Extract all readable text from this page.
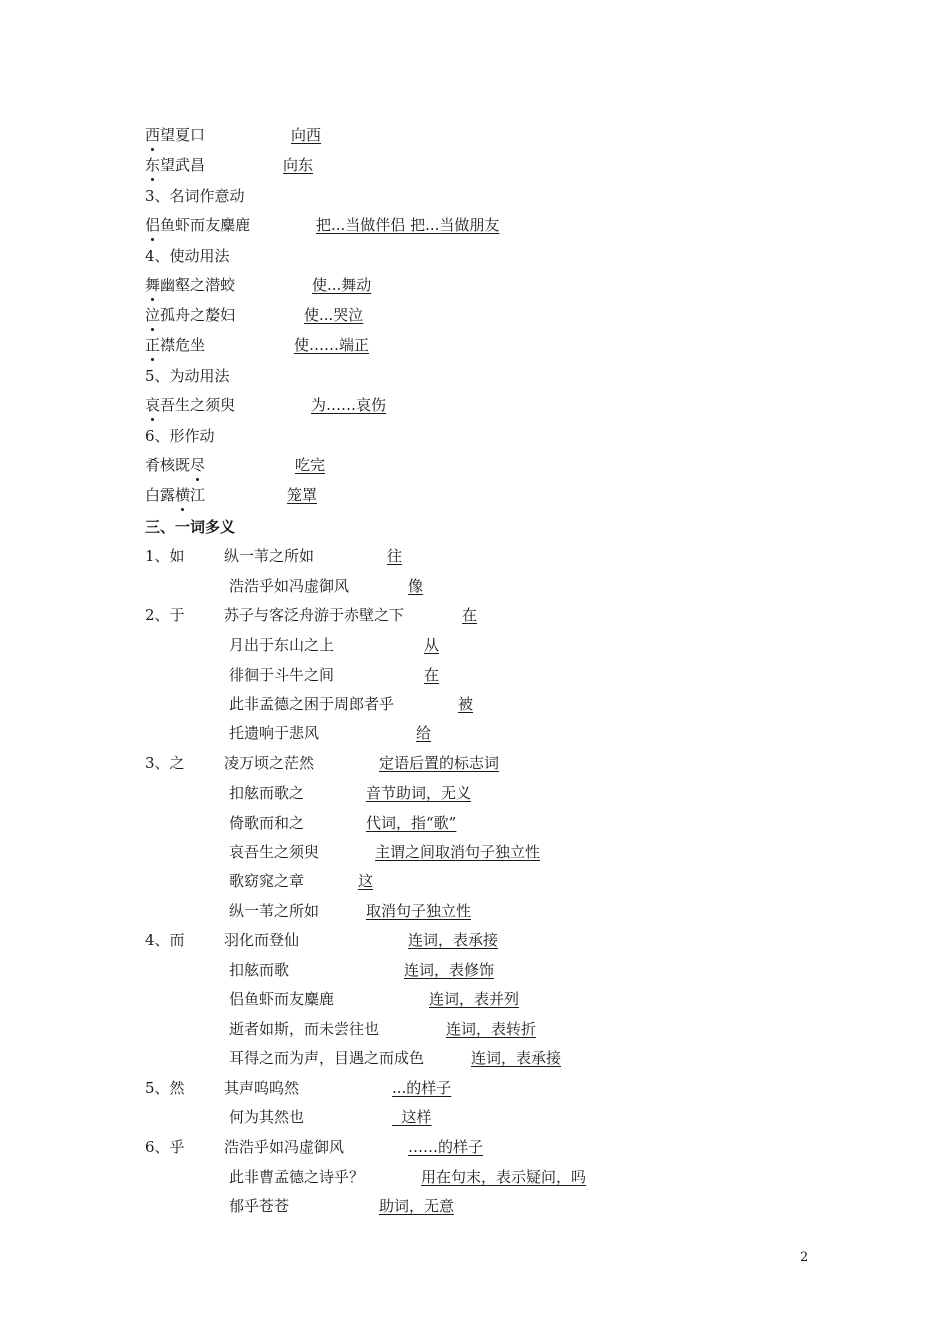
西望夏口	向西
东望武昌	向东
3、名词作意动
侣鱼虾而友麋鹿	把...当做伴侣 把...当做朋友
4、使动用法
舞幽壑之潜蛟	使...舞动
泣孤舟之嫠妇	使...哭泣
正襟危坐	使……端正
5、为动用法
哀吾生之须臾	为……哀伤
6、形作动
肴核既尽	吃完
白露横江	笼罩
三、一词多义
1、如	纵一苇之所如	往
浩浩乎如冯虚御风	像
2、于	苏子与客泛舟游于赤壁之下	在
月出于东山之上	从
徘徊于斗牛之间	在
此非孟德之困于周郎者乎	被
托遗响于悲风	给
3、之	凌万顷之茫然	定语后置的标志词
扣舷而歌之	音节助词，无义
倚歌而和之	代词，指“歌”
哀吾生之须臾	主谓之间取消句子独立性
歌窈窕之章	这
纵一苇之所如	取消句子独立性
4、而	羽化而登仙	连词，表承接
扣舷而歌	连词，表修饰
侣鱼虾而友麋鹿	连词，表并列
逝者如斯，而未尝往也	连词，表转折
耳得之而为声，目遇之而成色	连词，表承接
5、然	其声呜呜然	...的样子
何为其然也	这样
6、乎	浩浩乎如冯虚御风	……的样子
此非曹孟德之诗乎？	用在句末，表示疑问，吗
郁乎苍苍	助词，无意
2
